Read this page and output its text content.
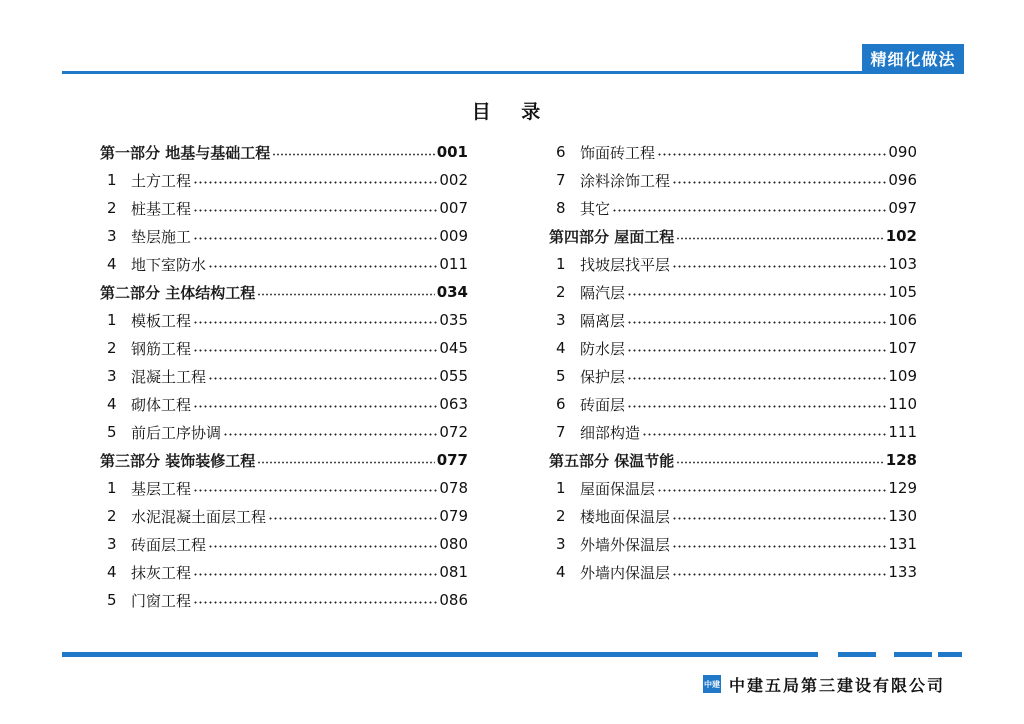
精细化做法
目 录
第一部分 地基与基础工程	001
1 土方工程	002
2 桩基工程	007
3 垫层施工	009
4 地下室防水	011
第二部分 主体结构工程	034
1 模板工程	035
2 钢筋工程	045
3 混凝土工程	055
4 砌体工程	063
5 前后工序协调	072
第三部分 装饰装修工程	077
1 基层工程	078
2 水泥混凝土面层工程	079
3 砖面层工程	080
4 抹灰工程	081
5 门窗工程	086
6 饰面砖工程	090
7 涂料涂饰工程	096
8 其它	097
第四部分 屋面工程	102
1 找坡层找平层	103
2 隔汽层	105
3 隔离层	106
4 防水层	107
5 保护层	109
6 砖面层	110
7 细部构造	111
第五部分 保温节能	128
1 屋面保温层	129
2 楼地面保温层	130
3 外墙外保温层	131
4 外墙内保温层	133
中建 中建五局第三建设有限公司
